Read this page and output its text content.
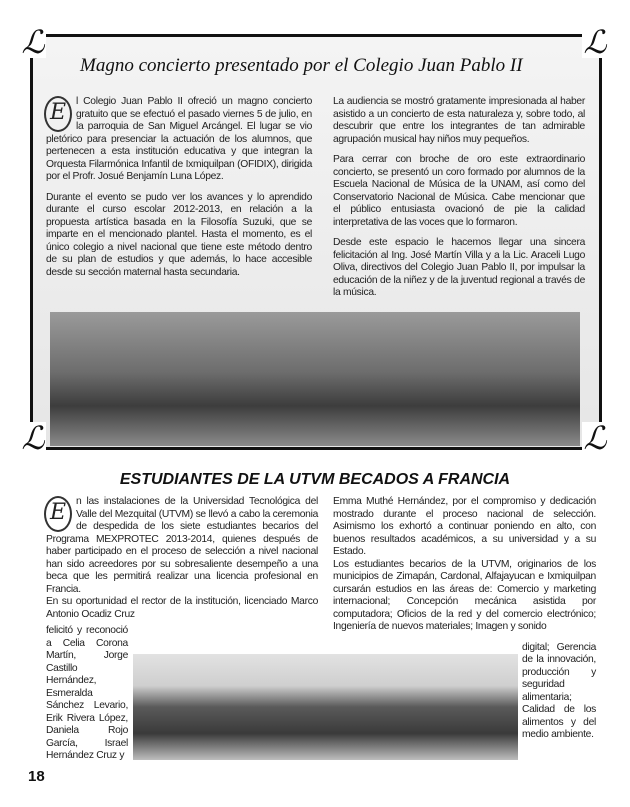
ℒ	ℒ
ℒ	ℒ
Magno concierto presentado por el Colegio Juan Pablo II

E l Colegio Juan Pablo II ofreció un magno concierto gratuito que se efectuó el pasado viernes 5 de julio, en la parroquia de San Miguel Arcángel. El lugar se vio pletórico para presenciar la actuación de los alumnos, que pertenecen a esta institución educativa y que integran la Orquesta Filarmónica Infantil de Ixmiquilpan (OFIDIX), dirigida por el Profr. Josué Benjamín Luna López.

Durante el evento se pudo ver los avances y lo aprendido durante el curso escolar 2012-2013, en relación a la propuesta artística basada en la Filosofía Suzuki, que se imparte en el mencionado plantel. Hasta el momento, es el único colegio a nivel nacional que tiene este método dentro de su plan de estudios y que además, lo hace accesible desde su sección maternal hasta secundaria.

La audiencia se mostró gratamente impresionada al haber asistido a un concierto de esta naturaleza y, sobre todo, al descubrir que entre los integrantes de tan admirable agrupación musical hay niños muy pequeños.

Para cerrar con broche de oro este extraordinario concierto, se presentó un coro formado por alumnos de la Escuela Nacional de Música de la UNAM, así como del Conservatorio Nacional de Música. Cabe mencionar que el público entusiasta ovacionó de pie la calidad interpretativa de las voces que lo formaron.

Desde este espacio le hacemos llegar una sincera felicitación al Ing. José Martín Villa y a la Lic. Araceli Lugo Oliva, directivos del Colegio Juan Pablo II, por impulsar la educación de la niñez y de la juventud regional a través de la música.

ESTUDIANTES DE LA UTVM BECADOS A FRANCIA

E n las instalaciones de la Universidad Tecnológica del Valle del Mezquital (UTVM) se llevó a cabo la ceremonia de despedida de los siete estudiantes becarios del Programa MEXPROTEC 2013-2014, quienes después de haber participado en el proceso de selección a nivel nacional han sido acreedores por su sobresaliente desempeño a una beca que les permitirá realizar una licencia profesional en Francia.

En su oportunidad el rector de la institución, licenciado Marco Antonio Ocadiz Cruz

felicitó y reconoció a Celia Corona Martín, Jorge Castillo Hernández, Esmeralda Sánchez Levario, Erik Rivera López, Daniela Rojo García, Israel Hernández Cruz y

Emma Muthé Hernández, por el compromiso y dedicación mostrado durante el proceso nacional de selección. Asimismo los exhortó a continuar poniendo en alto, con buenos resultados académicos, a su universidad y a su Estado.

Los estudiantes becarios de la UTVM, originarios de los municipios de Zimapán, Cardonal, Alfajayucan e Ixmiquilpan cursarán estudios en las áreas de: Comercio y marketing internacional; Concepción mecánica asistida por computadora; Oficios de la red y del comercio electrónico; Ingeniería de nuevos materiales; Imagen y sonido

digital; Gerencia de la innovación, producción y seguridad alimentaria; Calidad de los alimentos y del medio ambiente.
18
